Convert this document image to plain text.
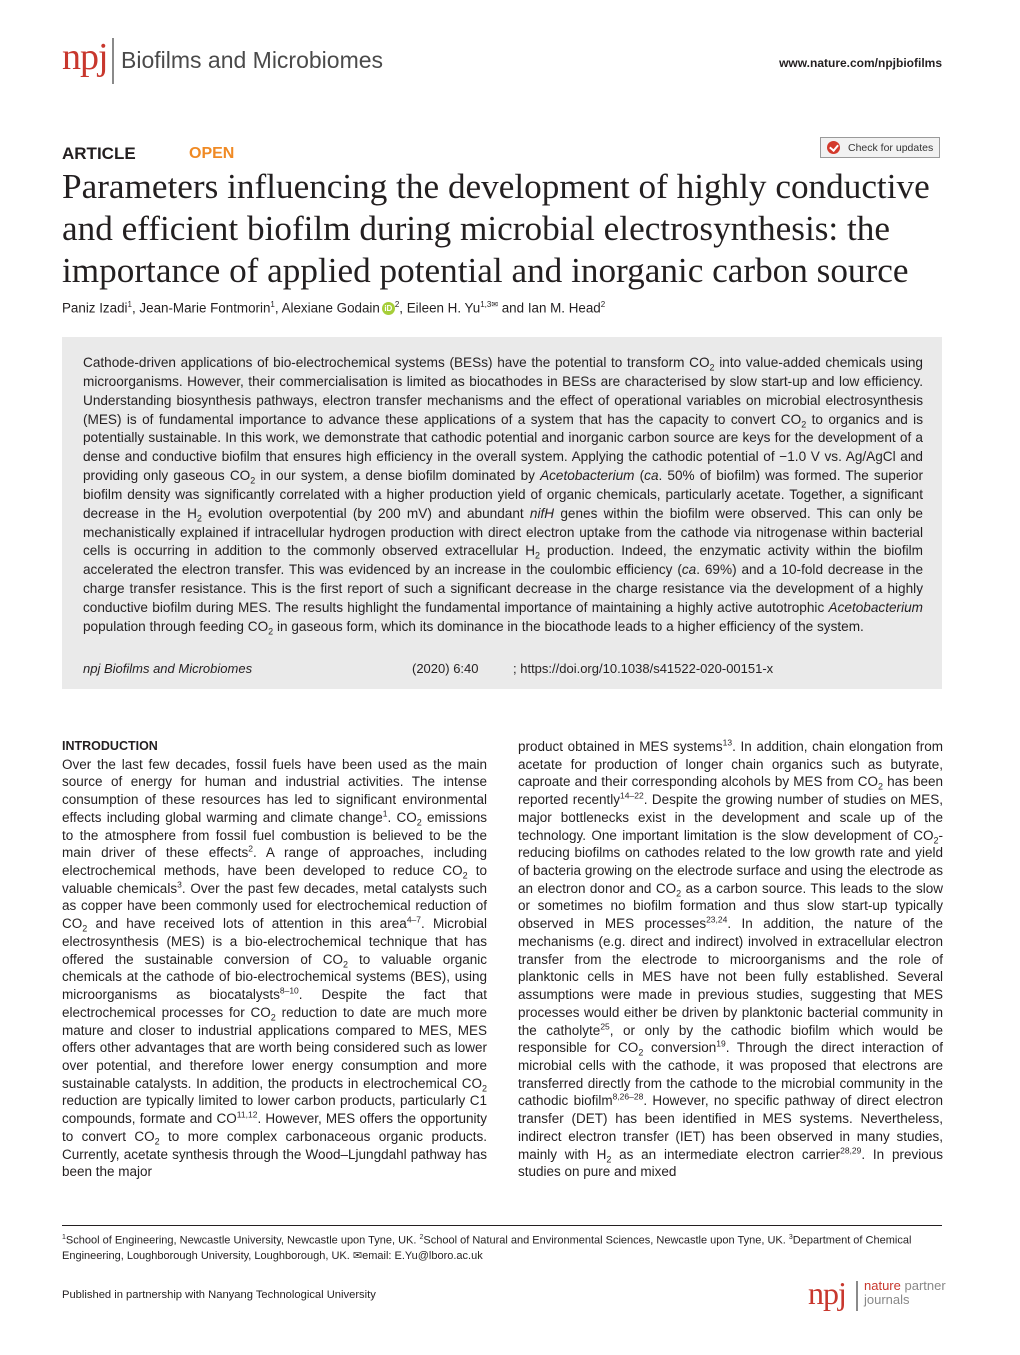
npj Biofilms and Microbiomes	www.nature.com/npjbiofilms
ARTICLE	OPEN	Check for updates
Parameters influencing the development of highly conductive and efficient biofilm during microbial electrosynthesis: the importance of applied potential and inorganic carbon source
Paniz Izadi$^1$, Jean-Marie Fontmorin$^1$, Alexiane Godain iD $^2$, Eileen H. $Yu^{1,3✉}$ and Ian M. Head$^2$

Cathode-driven applications of bio-electrochemical systems (BESs) have the potential to transform $CO_2$ into value-added chemicals using microorganisms. However, their commercialisation is limited as biocathodes in BESs are characterised by slow start-up and low efficiency. Understanding biosynthesis pathways, electron transfer mechanisms and the effect of operational variables on microbial electrosynthesis (MES) is of fundamental importance to advance these applications of a system that has the capacity to convert $CO_2$ to organics and is potentially sustainable. In this work, we demonstrate that cathodic potential and inorganic carbon source are keys for the development of a dense and conductive biofilm that ensures high efficiency in the overall system. Applying the cathodic potential of −1.0 V vs. Ag/AgCl and providing only gaseous $CO_2$ in our system, a dense biofilm dominated by Acetobacterium (ca. 50% of biofilm) was formed. The superior biofilm density was significantly correlated with a higher production yield of organic chemicals, particularly acetate. Together, a significant decrease in the $H_2$ evolution overpotential (by 200 mV) and abundant nifH genes within the biofilm were observed. This can only be mechanistically explained if intracellular hydrogen production with direct electron uptake from the cathode via nitrogenase within bacterial cells is occurring in addition to the commonly observed extracellular $H_2$ production. Indeed, the enzymatic activity within the biofilm accelerated the electron transfer. This was evidenced by an increase in the coulombic efficiency (ca. 69%) and a 10-fold decrease in the charge transfer resistance. This is the first report of such a significant decrease in the charge resistance via the development of a highly conductive biofilm during MES. The results highlight the fundamental importance of maintaining a highly active autotrophic Acetobacterium population through feeding $CO_2$ in gaseous form, which its dominance in the biocathode leads to a higher efficiency of the system.

npj Biofilms and Microbiomes	(2020) 6:40	; https://doi.org/10.1038/s41522-020-00151-x

INTRODUCTION
Over the last few decades, fossil fuels have been used as the main source of energy for human and industrial activities. The intense consumption of these resources has led to significant environmental effects including global warming and climate change$^1$. $CO_2$ emissions to the atmosphere from fossil fuel combustion is believed to be the main driver of these effects$^2$. A range of approaches, including electrochemical methods, have been developed to reduce $CO_2$ to valuable chemicals$^3$. Over the past few decades, metal catalysts such as copper have been commonly used for electrochemical reduction of $CO_2$ and have received lots of attention in this area$^{4-7}$. Microbial electrosynthesis (MES) is a bio-electrochemical technique that has offered the sustainable conversion of $CO_2$ to valuable organic chemicals at the cathode of bio-electrochemical systems (BES), using microorganisms as biocatalysts$^{8-10}$. Despite the fact that electrochemical processes for $CO_2$ reduction to date are much more mature and closer to industrial applications compared to MES, MES offers other advantages that are worth being considered such as lower over potential, and therefore lower energy consumption and more sustainable catalysts. In addition, the products in electrochemical $CO_2$ reduction are typically limited to lower carbon products, particularly C1 compounds, formate and CO$^{11,12}$. However, MES offers the opportunity to convert $CO_2$ to more complex carbonaceous organic products. Currently, acetate synthesis through the Wood–Ljungdahl pathway has been the major

product obtained in MES systems$^{13}$. In addition, chain elongation from acetate for production of longer chain organics such as butyrate, caproate and their corresponding alcohols by MES from $CO_2$ has been reported recently$^{14-22}$. Despite the growing number of studies on MES, major bottlenecks exist in the development and scale up of the technology. One important limitation is the slow development of $CO_2$-reducing biofilms on cathodes related to the low growth rate and yield of bacteria growing on the electrode surface and using the electrode as an electron donor and $CO_2$ as a carbon source. This leads to the slow or sometimes no biofilm formation and thus slow start-up typically observed in MES processes$^{23,24}$. In addition, the nature of the mechanisms (e.g. direct and indirect) involved in extracellular electron transfer from the electrode to microorganisms and the role of planktonic cells in MES have not been fully established. Several assumptions were made in previous studies, suggesting that MES processes would either be driven by planktonic bacterial community in the catholyte$^{25}$, or only by the cathodic biofilm which would be responsible for $CO_2$ conversion$^{19}$. Through the direct interaction of microbial cells with the cathode, it was proposed that electrons are transferred directly from the cathode to the microbial community in the cathodic biofilm$^{8,26-28}$. However, no specific pathway of direct electron transfer (DET) has been identified in MES systems. Nevertheless, indirect electron transfer (IET) has been observed in many studies, mainly with $H_2$ as an intermediate electron carrier$^{28,29}$. In previous studies on pure and mixed

$^1$School of Engineering, Newcastle University, Newcastle upon Tyne, UK. $^2$School of Natural and Environmental Sciences, Newcastle upon Tyne, UK. $^3$Department of Chemical Engineering, Loughborough University, Loughborough, UK. ✉email: E.Yu@lboro.ac.uk
Published in partnership with Nanyang Technological University	npj nature partner
journals
